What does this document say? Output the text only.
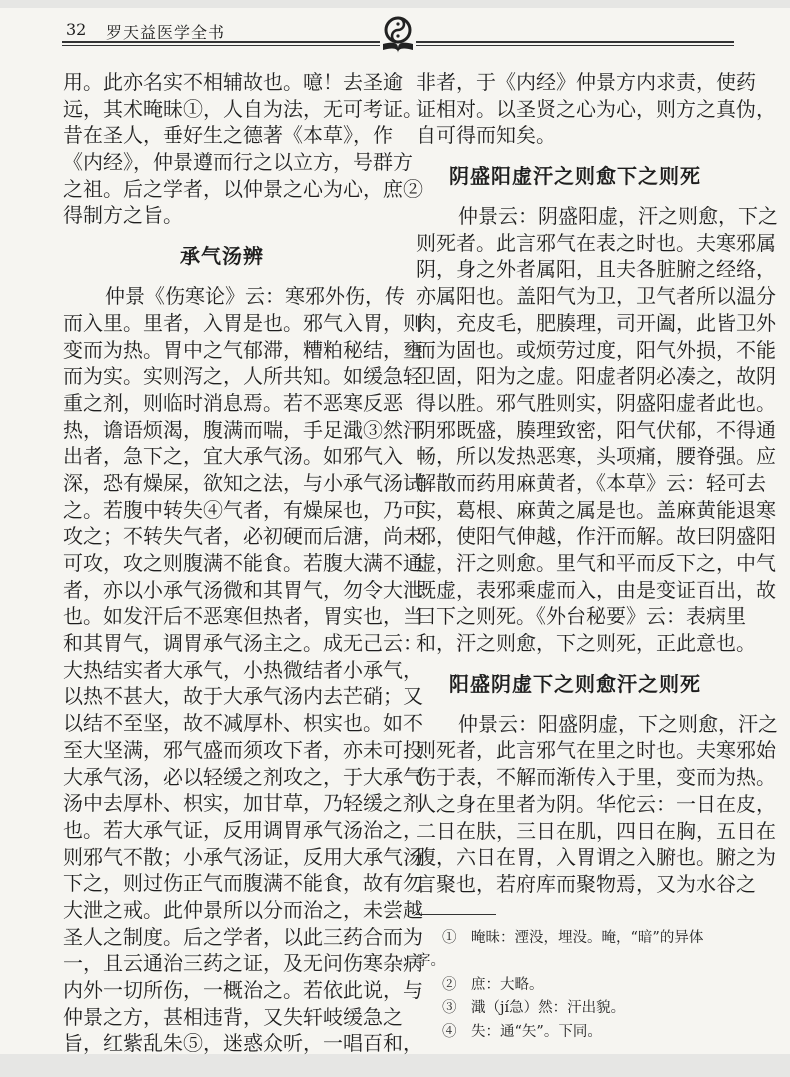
32 罗天益医学全书
用。此亦名实不相辅故也。噫！去圣逾
远，其术晻昧①，人自为法，无可考证。
昔在圣人，垂好生之德著《本草》，作
《内经》，仲景遵而行之以立方，号群方
之祖。后之学者，以仲景之心为心，庶②
得制方之旨。
承气汤辨
仲景《伤寒论》云：寒邪外伤，传
而入里。里者，入胃是也。邪气入胃，则
变而为热。胃中之气郁滞，糟粕秘结，壅
而为实。实则泻之，人所共知。如缓急轻
重之剂，则临时消息焉。若不恶寒反恶
热，谵语烦渴，腹满而喘，手足濈③然汗
出者，急下之，宜大承气汤。如邪气入
深，恐有燥屎，欲知之法，与小承气汤试
之。若腹中转失④气者，有燥屎也，乃可
攻之；不转失气者，必初硬而后溏，尚未
可攻，攻之则腹满不能食。若腹大满不通
者，亦以小承气汤微和其胃气，勿令大泄
也。如发汗后不恶寒但热者，胃实也，当
和其胃气，调胃承气汤主之。成无己云：
大热结实者大承气，小热微结者小承气，
以热不甚大，故于大承气汤内去芒硝；又
以结不至坚，故不减厚朴、枳实也。如不
至大坚满，邪气盛而须攻下者，亦未可投
大承气汤，必以轻缓之剂攻之，于大承气
汤中去厚朴、枳实，加甘草，乃轻缓之剂
也。若大承气证，反用调胃承气汤治之，
则邪气不散；小承气汤证，反用大承气汤
下之，则过伤正气而腹满不能食，故有勿
大泄之戒。此仲景所以分而治之，未尝越
圣人之制度。后之学者，以此三药合而为
一，且云通治三药之证，及无问伤寒杂病
内外一切所伤，一概治之。若依此说，与
仲景之方，甚相违背，又失轩岐缓急之
旨，红紫乱朱⑤，迷惑众听，一唱百和，
非者，于《内经》仲景方内求责，使药
证相对。以圣贤之心为心，则方之真伪，
自可得而知矣。
阴盛阳虚汗之则愈下之则死
仲景云：阴盛阳虚，汗之则愈，下之
则死者。此言邪气在表之时也。夫寒邪属
阴，身之外者属阳，且夫各脏腑之经络，
亦属阳也。盖阳气为卫，卫气者所以温分
肉，充皮毛，肥腠理，司开阖，此皆卫外
而为固也。或烦劳过度，阳气外损，不能
卫固，阳为之虚。阳虚者阴必凑之，故阴
得以胜。邪气胜则实，阴盛阳虚者此也。
阴邪既盛，腠理致密，阳气伏郁，不得通
畅，所以发热恶寒，头项痛，腰脊强。应
解散而药用麻黄者，《本草》云：轻可去
实，葛根、麻黄之属是也。盖麻黄能退寒
邪，使阳气伸越，作汗而解。故曰阴盛阳
虚，汗之则愈。里气和平而反下之，中气
既虚，表邪乘虚而入，由是变证百出，故
曰下之则死。《外台秘要》云：表病里
和，汗之则愈，下之则死，正此意也。
阳盛阴虚下之则愈汗之则死
仲景云：阳盛阴虚，下之则愈，汗之
则死者，此言邪气在里之时也。夫寒邪始
伤于表，不解而渐传入于里，变而为热。
人之身在里者为阴。华佗云：一日在皮，
二日在肤，三日在肌，四日在胸，五日在
腹，六日在胃，入胃谓之入腑也。腑之为
言聚也，若府库而聚物焉，又为水谷之
①　晻昧：湮没，埋没。晻，“暗”的异体
字。
②　庶：大略。
③　濈（jí急）然：汗出貌。
④　失：通“矢”。下同。
